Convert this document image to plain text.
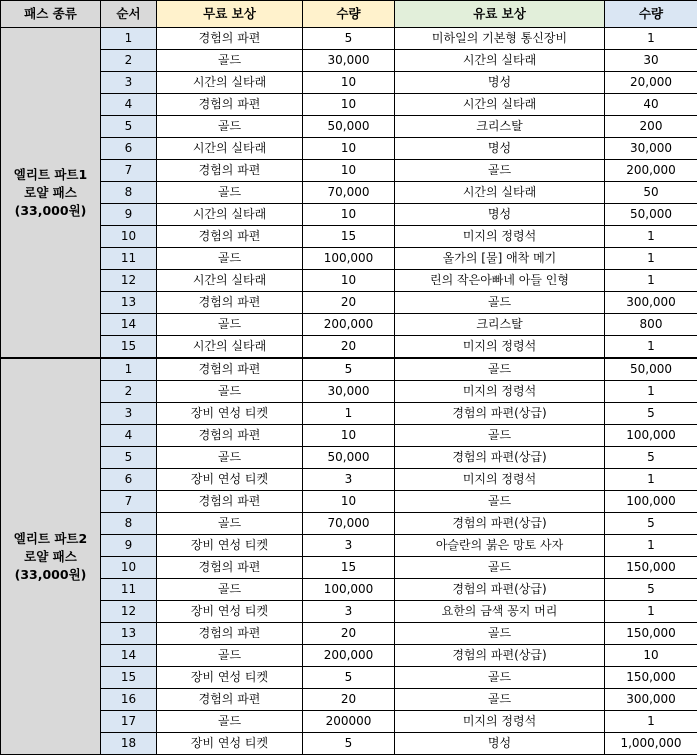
패스 종류	순서	무료 보상	수량	유료 보상	수량

엘리트 파트1
로얄 패스
(33,000원)	1	경험의 파편	5	미하일의 기본형 통신장비	1
	2	골드	30,000	시간의 실타래	30
	3	시간의 실타래	10	명성	20,000
	4	경험의 파편	10	시간의 실타래	40
	5	골드	50,000	크리스탈	200
	6	시간의 실타래	10	명성	30,000
	7	경험의 파편	10	골드	200,000
	8	골드	70,000	시간의 실타래	50
	9	시간의 실타래	10	명성	50,000
	10	경험의 파편	15	미지의 정령석	1
	11	골드	100,000	올가의 [물] 애착 메기	1
	12	시간의 실타래	10	린의 작은아빠네 아들 인형	1
	13	경험의 파편	20	골드	300,000
	14	골드	200,000	크리스탈	800
	15	시간의 실타래	20	미지의 정령석	1

엘리트 파트2
로얄 패스
(33,000원)	1	경험의 파편	5	골드	50,000
	2	골드	30,000	미지의 정령석	1
	3	장비 연성 티켓	1	경험의 파편(상급)	5
	4	경험의 파편	10	골드	100,000
	5	골드	50,000	경험의 파편(상급)	5
	6	장비 연성 티켓	3	미지의 정령석	1
	7	경험의 파편	10	골드	100,000
	8	골드	70,000	경험의 파편(상급)	5
	9	장비 연성 티켓	3	아슬란의 붉은 망토 사자	1
	10	경험의 파편	15	골드	150,000
	11	골드	100,000	경험의 파편(상급)	5
	12	장비 연성 티켓	3	요한의 금색 꽁지 머리	1
	13	경험의 파편	20	골드	150,000
	14	골드	200,000	경험의 파편(상급)	10
	15	장비 연성 티켓	5	골드	150,000
	16	경험의 파편	20	골드	300,000
	17	골드	200000	미지의 정령석	1
	18	장비 연성 티켓	5	명성	1,000,000
